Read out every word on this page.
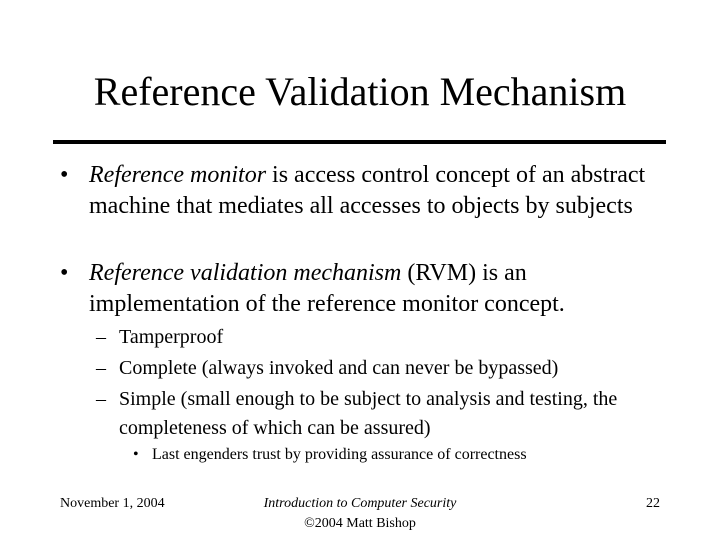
Reference Validation Mechanism
• Reference monitor is access control concept of an abstract machine that mediates all accesses to objects by subjects
• Reference validation mechanism (RVM) is an implementation of the reference monitor concept.
– Tamperproof
– Complete (always invoked and can never be bypassed)
– Simple (small enough to be subject to analysis and testing, the completeness of which can be assured)
• Last engenders trust by providing assurance of correctness
November 1, 2004	Introduction to Computer Security
©2004 Matt Bishop
22
